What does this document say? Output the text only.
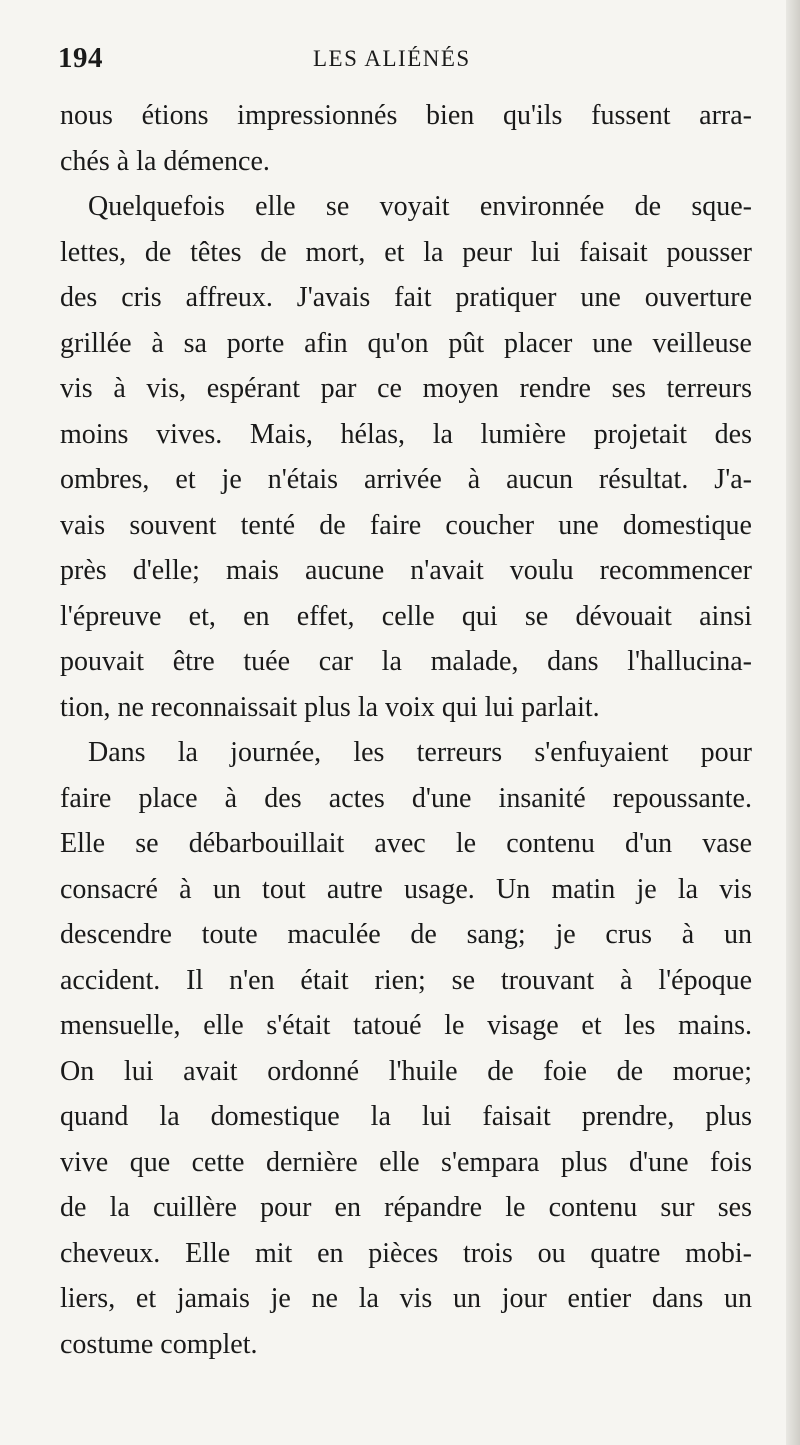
194	LES ALIÉNÉS
nous étions impressionnés bien qu'ils fussent arra-
chés à la démence.
Quelquefois elle se voyait environnée de sque-
lettes, de têtes de mort, et la peur lui faisait pousser
des cris affreux. J'avais fait pratiquer une ouverture
grillée à sa porte afin qu'on pût placer une veilleuse
vis à vis, espérant par ce moyen rendre ses terreurs
moins vives. Mais, hélas, la lumière projetait des
ombres, et je n'étais arrivée à aucun résultat. J'a-
vais souvent tenté de faire coucher une domestique
près d'elle; mais aucune n'avait voulu recommencer
l'épreuve et, en effet, celle qui se dévouait ainsi
pouvait être tuée car la malade, dans l'hallucina-
tion, ne reconnaissait plus la voix qui lui parlait.
Dans la journée, les terreurs s'enfuyaient pour
faire place à des actes d'une insanité repoussante.
Elle se débarbouillait avec le contenu d'un vase
consacré à un tout autre usage. Un matin je la vis
descendre toute maculée de sang; je crus à un
accident. Il n'en était rien; se trouvant à l'époque
mensuelle, elle s'était tatoué le visage et les mains.
On lui avait ordonné l'huile de foie de morue;
quand la domestique la lui faisait prendre, plus
vive que cette dernière elle s'empara plus d'une fois
de la cuillère pour en répandre le contenu sur ses
cheveux. Elle mit en pièces trois ou quatre mobi-
liers, et jamais je ne la vis un jour entier dans un
costume complet.
